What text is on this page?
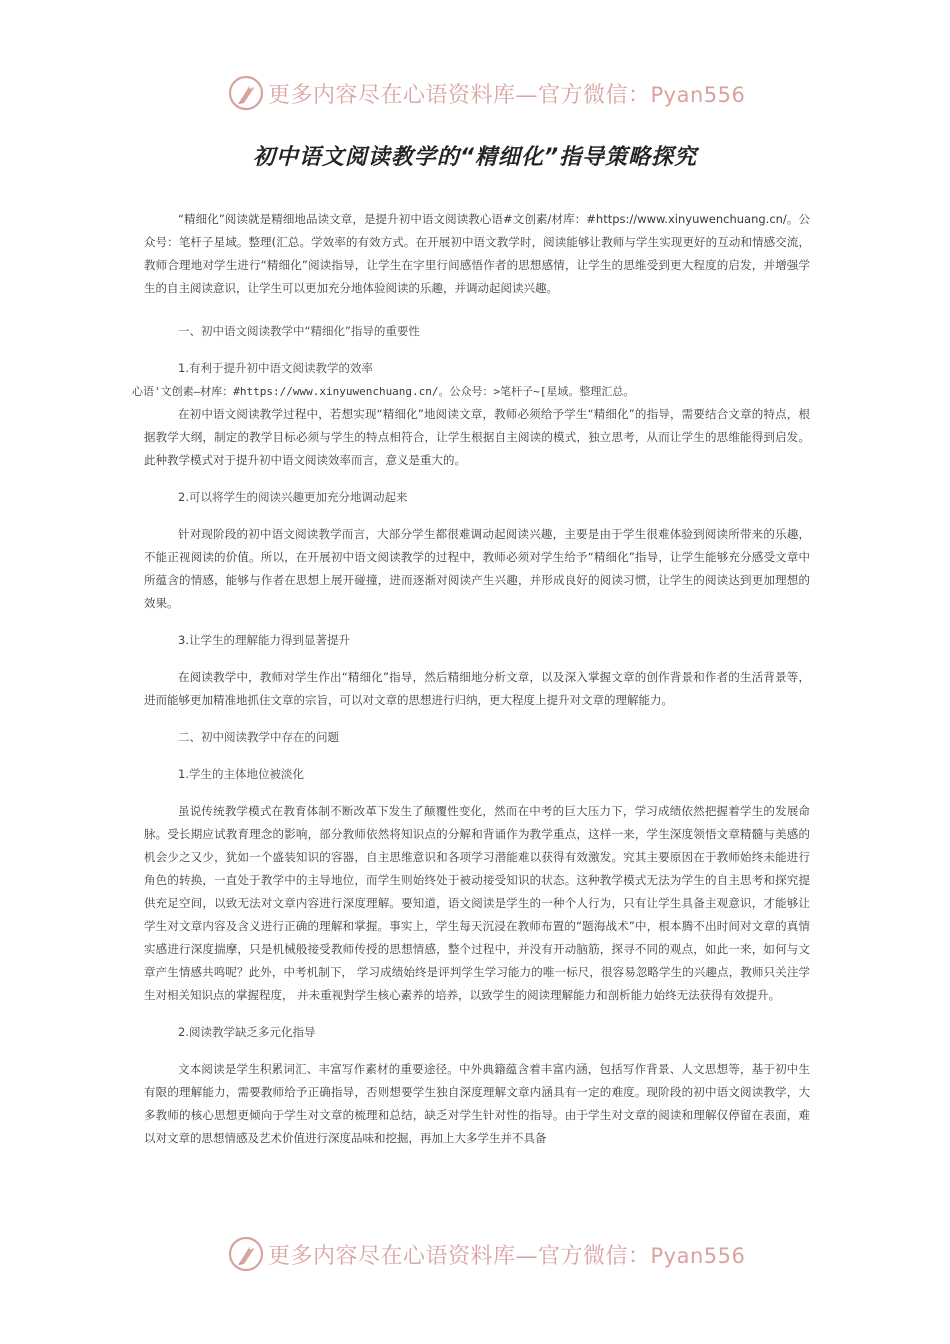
更多内容尽在心语资料库—官方微信：Pyan556
初中语文阅读教学的“精细化”指导策略探究

“精细化”阅读就是精细地品读文章，是提升初中语文阅读教心语#文创素/材库：#https://www.xinyuwenchuang.cn/。公众号：笔杆子星域。整理(汇总。学效率的有效方式。在开展初中语文教学时，阅读能够让教师与学生实现更好的互动和情感交流，教师合理地对学生进行“精细化”阅读指导，让学生在字里行间感悟作者的思想感情，让学生的思维受到更大程度的启发，并增强学生的自主阅读意识，让学生可以更加充分地体验阅读的乐趣，并调动起阅读兴趣。

一、初中语文阅读教学中“精细化”指导的重要性

1.有利于提升初中语文阅读教学的效率

心语'文创素—材库：#https://www.xinyuwenchuang.cn/。公众号：>笔杆子~[星域。整理汇总。

在初中语文阅读教学过程中，若想实现“精细化”地阅读文章，教师必须给予学生“精细化”的指导，需要结合文章的特点，根据教学大纲，制定的教学目标必须与学生的特点相符合，让学生根据自主阅读的模式，独立思考，从而让学生的思维能得到启发。此种教学模式对于提升初中语文阅读效率而言，意义是重大的。

2.可以将学生的阅读兴趣更加充分地调动起来

针对现阶段的初中语文阅读教学而言，大部分学生都很难调动起阅读兴趣，主要是由于学生很难体验到阅读所带来的乐趣，不能正视阅读的价值。所以，在开展初中语文阅读教学的过程中，教师必须对学生给予“精细化”指导，让学生能够充分感受文章中所蕴含的情感，能够与作者在思想上展开碰撞，进而逐渐对阅读产生兴趣，并形成良好的阅读习惯，让学生的阅读达到更加理想的效果。

3.让学生的理解能力得到显著提升

在阅读教学中，教师对学生作出“精细化”指导，然后精细地分析文章，以及深入掌握文章的创作背景和作者的生活背景等，进而能够更加精准地抓住文章的宗旨，可以对文章的思想进行归纳，更大程度上提升对文章的理解能力。

二、初中阅读教学中存在的问题

1.学生的主体地位被淡化

虽说传统教学模式在教育体制不断改革下发生了颠覆性变化，然而在中考的巨大压力下，学习成绩依然把握着学生的发展命脉。受长期应试教育理念的影响，部分教师依然将知识点的分解和背诵作为教学重点，这样一来，学生深度领悟文章精髓与美感的机会少之又少，犹如一个盛装知识的容器，自主思维意识和各项学习潜能难以获得有效激发。究其主要原因在于教师始终未能进行角色的转换，一直处于教学中的主导地位，而学生则始终处于被动接受知识的状态。这种教学模式无法为学生的自主思考和探究提供充足空间，以致无法对文章内容进行深度理解。要知道，语文阅读是学生的一种个人行为，只有让学生具备主观意识，才能够让学生对文章内容及含义进行正确的理解和掌握。事实上，学生每天沉浸在教师布置的“题海战术”中，根本腾不出时间对文章的真情实感进行深度揣摩，只是机械般接受教师传授的思想情感，整个过程中，并没有开动脑筋，探寻不同的观点，如此一来，如何与文章产生情感共鸣呢？此外，中考机制下， 学习成绩始终是评判学生学习能力的唯一标尺，很容易忽略学生的兴趣点，教师只关注学生对相关知识点的掌握程度， 并未重视對学生核心素养的培养，以致学生的阅读理解能力和剖析能力始终无法获得有效提升。

2.阅读教学缺乏多元化指导

文本阅读是学生积累词汇、丰富写作素材的重要途径。中外典籍蕴含着丰富内涵，包括写作背景、人文思想等，基于初中生有限的理解能力，需要教师给予正确指导，否则想要学生独自深度理解文章内涵具有一定的难度。现阶段的初中语文阅读教学，大多教师的核心思想更倾向于学生对文章的梳理和总结，缺乏对学生针对性的指导。由于学生对文章的阅读和理解仅停留在表面，难以对文章的思想情感及艺术价值进行深度品味和挖掘，再加上大多学生并不具备

更多内容尽在心语资料库—官方微信：Pyan556
